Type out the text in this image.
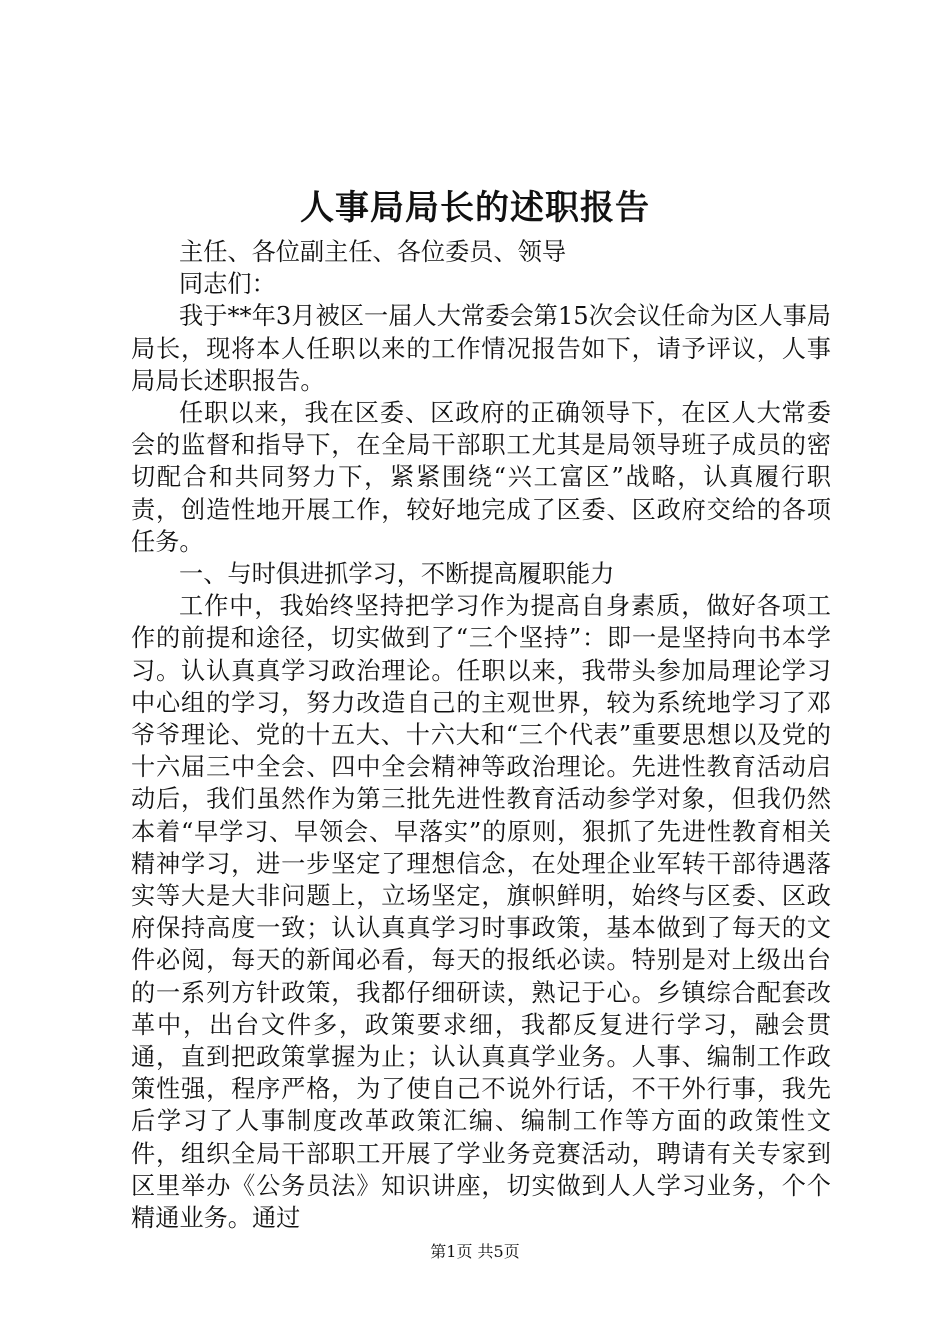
人事局局长的述职报告

主任、各位副主任、各位委员、领导

同志们：

我于**年3月被区一届人大常委会第15次会议任命为区人事局局长，现将本人任职以来的工作情况报告如下，请予评议，人事局局长述职报告。

任职以来，我在区委、区政府的正确领导下，在区人大常委会的监督和指导下，在全局干部职工尤其是局领导班子成员的密切配合和共同努力下，紧紧围绕“兴工富区”战略，认真履行职责，创造性地开展工作，较好地完成了区委、区政府交给的各项任务。

一、与时俱进抓学习，不断提高履职能力

工作中，我始终坚持把学习作为提高自身素质，做好各项工作的前提和途径，切实做到了“三个坚持”：即一是坚持向书本学习。认认真真学习政治理论。任职以来，我带头参加局理论学习中心组的学习，努力改造自己的主观世界，较为系统地学习了邓爷爷理论、党的十五大、十六大和“三个代表”重要思想以及党的十六届三中全会、四中全会精神等政治理论。先进性教育活动启动后，我们虽然作为第三批先进性教育活动参学对象，但我仍然本着“早学习、早领会、早落实”的原则，狠抓了先进性教育相关精神学习，进一步坚定了理想信念，在处理企业军转干部待遇落实等大是大非问题上，立场坚定，旗帜鲜明，始终与区委、区政府保持高度一致；认认真真学习时事政策，基本做到了每天的文件必阅，每天的新闻必看，每天的报纸必读。特别是对上级出台的一系列方针政策，我都仔细研读，熟记于心。乡镇综合配套改革中，出台文件多，政策要求细，我都反复进行学习，融会贯通，直到把政策掌握为止；认认真真学业务。人事、编制工作政策性强，程序严格，为了使自己不说外行话，不干外行事，我先后学习了人事制度改革政策汇编、编制工作等方面的政策性文件，组织全局干部职工开展了学业务竞赛活动，聘请有关专家到区里举办《公务员法》知识讲座，切实做到人人学习业务，个个精通业务。通过

第1页 共5页
